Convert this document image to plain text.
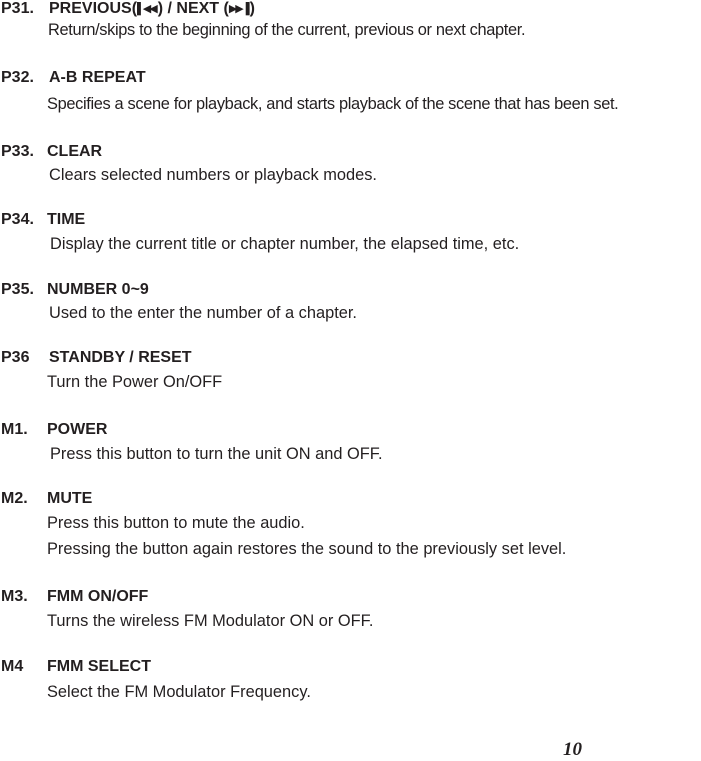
P31. PREVIOUS(▌◀◀ ) / NEXT (▶▶▐ )
Return/skips to the beginning of the current, previous or next chapter.
P32. A-B REPEAT
Specifies a scene for playback, and starts playback of the scene that has been set.
P33. CLEAR
Clears selected numbers or playback modes.
P34. TIME
Display the current title or chapter number, the elapsed time, etc.
P35. NUMBER 0~9
Used to the enter the number of a chapter.
P36 STANDBY / RESET
Turn the Power On/OFF
M1. POWER
Press this button to turn the unit ON and OFF.
M2. MUTE
Press this button to mute the audio.
Pressing the button again restores the sound to the previously set level.
M3. FMM ON/OFF
Turns the wireless FM Modulator ON or OFF.
M4 FMM SELECT
Select the FM Modulator Frequency.
10
